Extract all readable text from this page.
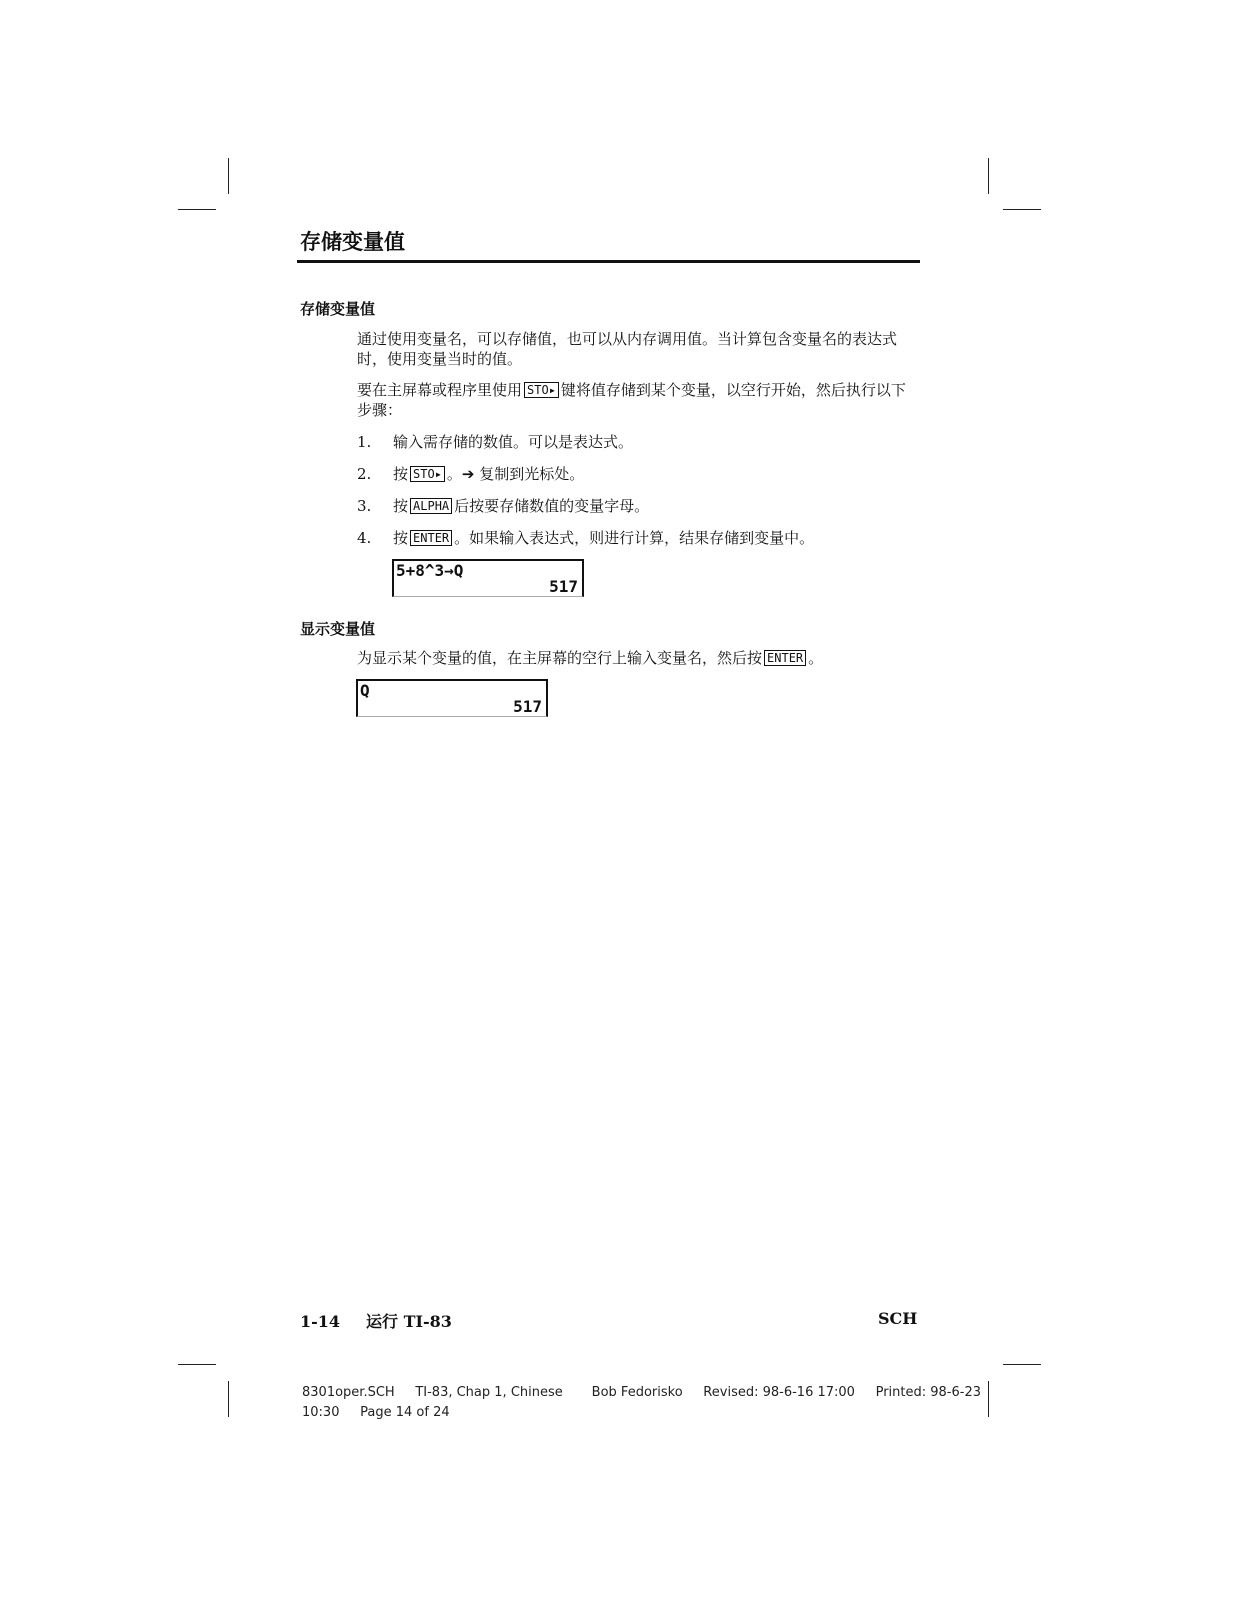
存储变量值
存储变量值
通过使用变量名，可以存储值，也可以从内存调用值。当计算包含变量名的表达式时，使用变量当时的值。
要在主屏幕或程序里使用 STO▸ 键将值存储到某个变量，以空行开始，然后执行以下步骤：
1. 输入需存储的数值。可以是表达式。
2. 按 STO▸ 。➔ 复制到光标处。
3. 按 ALPHA 后按要存储数值的变量字母。
4. 按 ENTER 。如果输入表达式，则进行计算，结果存储到变量中。
5+8^3→Q
517
显示变量值
为显示某个变量的值，在主屏幕的空行上输入变量名，然后按 ENTER 。
Q
517
1-14 运行 TI-83	SCH
8301oper.SCH     TI-83, Chap 1, Chinese       Bob Fedorisko     Revised: 98-6-16 17:00     Printed: 98-6-23
10:30     Page 14 of 24
